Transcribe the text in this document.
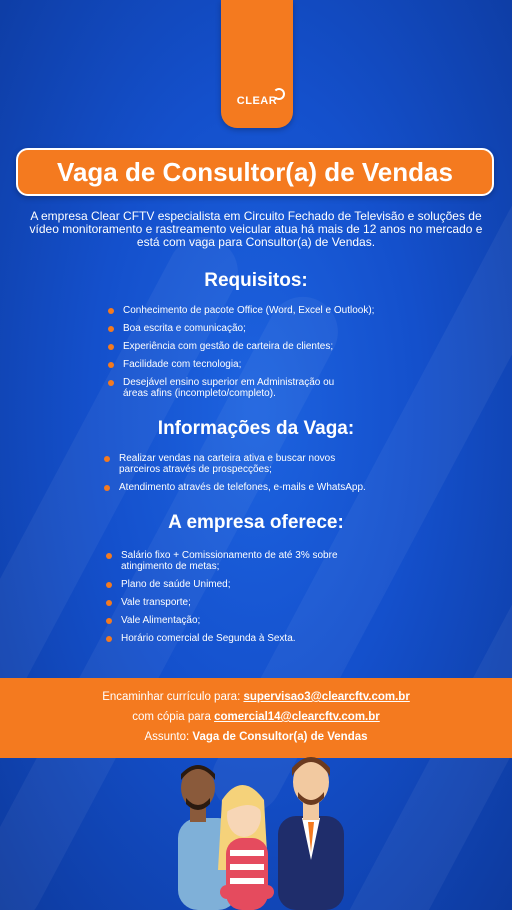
CLEAR
Vaga de Consultor(a) de Vendas
A empresa Clear CFTV especialista em Circuito Fechado de Televisão e soluções de vídeo monitoramento e rastreamento veicular atua há mais de 12 anos no mercado e está com vaga para Consultor(a) de Vendas.
Requisitos:
Conhecimento de pacote Office (Word, Excel e Outlook);
Boa escrita e comunicação;
Experiência com gestão de carteira de clientes;
Facilidade com tecnologia;
Desejável ensino superior em Administração ou áreas afins (incompleto/completo).
Informações da Vaga:
Realizar vendas na carteira ativa e buscar novos parceiros através de prospecções;
Atendimento através de telefones, e-mails e WhatsApp.
A empresa oferece:
Salário fixo + Comissionamento de até 3% sobre atingimento de metas;
Plano de saúde Unimed;
Vale transporte;
Vale Alimentação;
Horário comercial de Segunda à Sexta.
Encaminhar currículo para: supervisao3@clearcftv.com.br
com cópia para comercial14@clearcftv.com.br
Assunto: Vaga de Consultor(a) de Vendas
